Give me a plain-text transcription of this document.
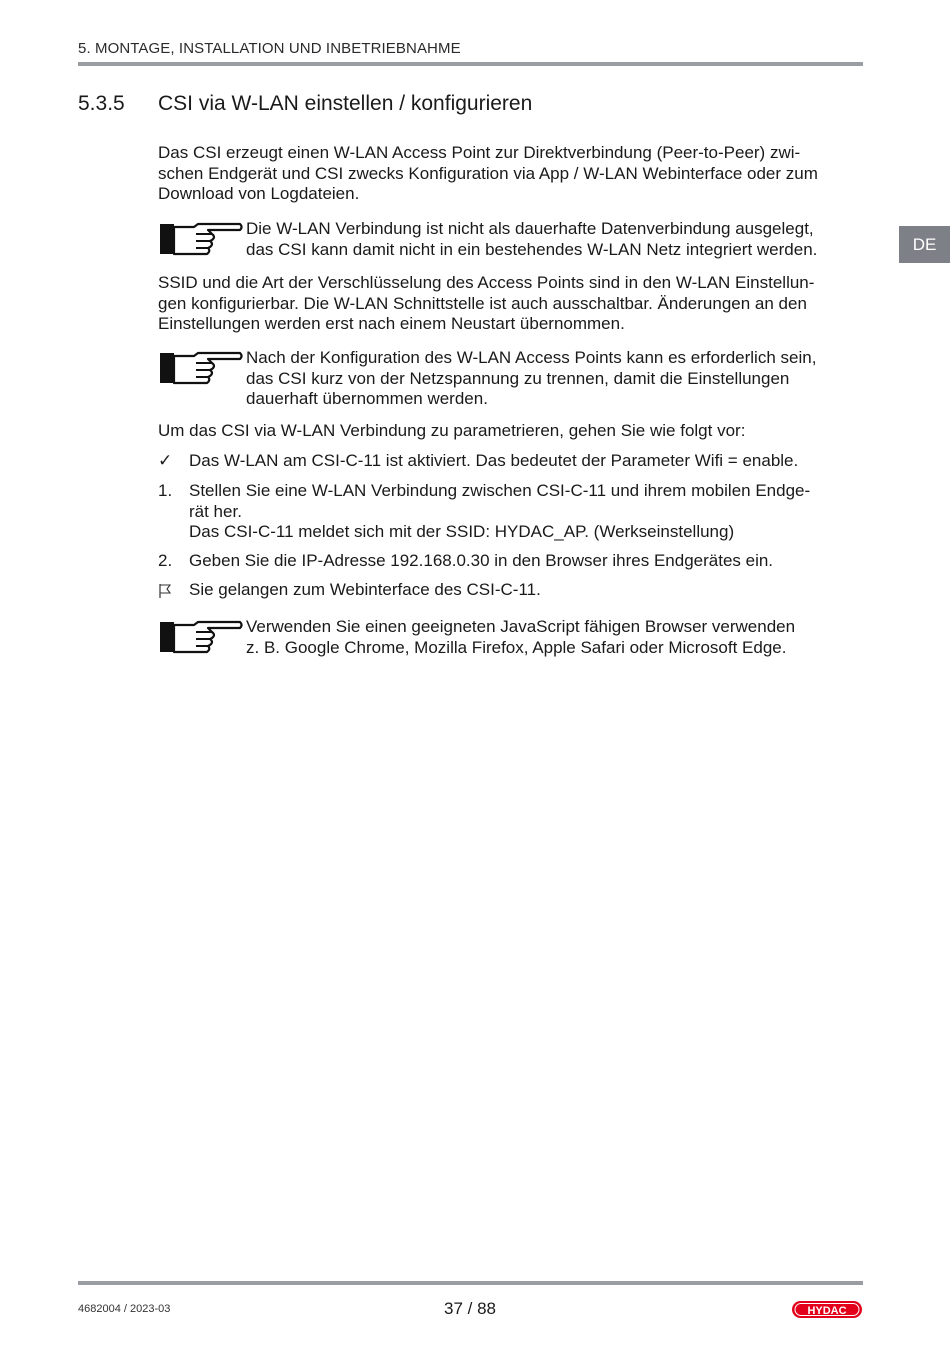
5. MONTAGE, INSTALLATION UND INBETRIEBNAHME
5.3.5 CSI via W-LAN einstellen / konfigurieren
DE

Das CSI erzeugt einen W-LAN Access Point zur Direktverbindung (Peer-to-Peer) zwi-
schen Endgerät und CSI zwecks Konfiguration via App / W-LAN Webinterface oder zum
Download von Logdateien.

Die W-LAN Verbindung ist nicht als dauerhafte Datenverbindung ausgelegt,
das CSI kann damit nicht in ein bestehendes W-LAN Netz integriert werden.

SSID und die Art der Verschlüsselung des Access Points sind in den W-LAN Einstellun-
gen konfigurierbar. Die W-LAN Schnittstelle ist auch ausschaltbar. Änderungen an den
Einstellungen werden erst nach einem Neustart übernommen.

Nach der Konfiguration des W-LAN Access Points kann es erforderlich sein,
das CSI kurz von der Netzspannung zu trennen, damit die Einstellungen
dauerhaft übernommen werden.

Um das CSI via W-LAN Verbindung zu parametrieren, gehen Sie wie folgt vor:

✓ Das W-LAN am CSI-C-11 ist aktiviert. Das bedeutet der Parameter Wifi = enable.
1. Stellen Sie eine W-LAN Verbindung zwischen CSI-C-11 und ihrem mobilen Endge-
rät her.
Das CSI-C-11 meldet sich mit der SSID: HYDAC_AP. (Werkseinstellung)
2. Geben Sie die IP-Adresse 192.168.0.30 in den Browser ihres Endgerätes ein.
Sie gelangen zum Webinterface des CSI-C-11.
Verwenden Sie einen geeigneten JavaScript fähigen Browser verwenden
z. B. Google Chrome, Mozilla Firefox, Apple Safari oder Microsoft Edge.
4682004 / 2023-03	37 / 88	HYDAC
